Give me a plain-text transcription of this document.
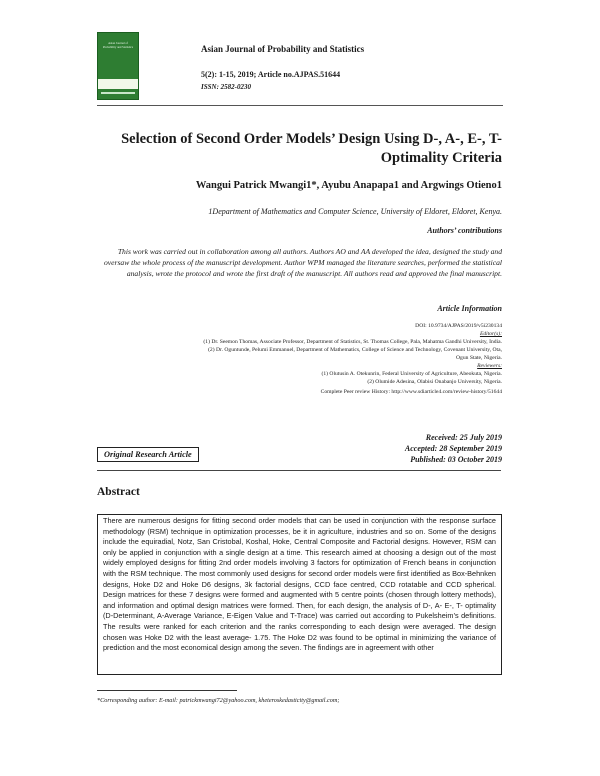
Asian Journal of Probability and Statistics	Asian Journal of Probability and Statistics
5(2): 1-15, 2019; Article no.AJPAS.51644
ISSN: 2582-0230
Selection of Second Order Models’ Design Using D-, A-, E-, T-Optimality Criteria
Wangui Patrick Mwangi1*, Ayubu Anapapa1 and Argwings Otieno1
1Department of Mathematics and Computer Science, University of Eldoret, Eldoret, Kenya.
Authors’ contributions
This work was carried out in collaboration among all authors. Authors AO and AA developed the idea, designed the study and oversaw the whole process of the manuscript development. Author WPM managed the literature searches, performed the statistical analysis, wrote the protocol and wrote the first draft of the manuscript. All authors read and approved the final manuscript.
Article Information
DOI: 10.9734/AJPAS/2019/v5i230134
Editor(s):
(1) Dr. Seemon Thomas, Associate Professor, Department of Statistics, St. Thomas College, Pala, Mahatma Gandhi University, India.
(2) Dr. Oguntunde, Pelumi Emmanuel, Department of Mathematics, College of Science and Technology, Covenant University, Ota,
Ogun State, Nigeria.
Reviewers:
(1) Olutusin A. Otekunrin, Federal University of Agriculture, Abeokuta, Nigeria.
(2) Olumide Adesina, Olabisi Onabanjo University, Nigeria.
Complete Peer review History: http://www.sdiarticle4.com/review-history/51644
Received: 25 July 2019
Accepted: 28 September 2019
Published: 03 October 2019
Original Research Article
Abstract
There are numerous designs for fitting second order models that can be used in conjunction with the response surface methodology (RSM) technique in optimization processes, be it in agriculture, industries and so on. Some of the designs include the equiradial, Notz, San Cristobal, Koshal, Hoke, Central Composite and Factorial designs. However, RSM can only be applied in conjunction with a single design at a time. This research aimed at choosing a design out of the most widely employed designs for fitting 2nd order models involving 3 factors for optimization of French beans in conjunction with the RSM technique. The most commonly used designs for second order models were first identified as Box-Behnken designs, Hoke D2 and Hoke D6 designs, 3k factorial designs, CCD face centred, CCD rotatable and CCD spherical. Design matrices for these 7 designs were formed and augmented with 5 centre points (chosen through lottery methods), and information and optimal design matrices were formed. Then, for each design, the analysis of D-, A- E-, T- optimality (D-Determinant, A-Average Variance, E-Eigen Value and T-Trace) was carried out according to Pukelsheim’s definitions. The results were ranked for each criterion and the ranks corresponding to each design were averaged. The design chosen was Hoke D2 with the least average- 1.75. The Hoke D2 was found to be optimal in minimizing the variance of prediction and the most economical design among the seven. The findings are in agreement with other
*Corresponding author: E-mail: patrickmwangi72@yahoo.com, kheteroskedasticity@gmail.com;
